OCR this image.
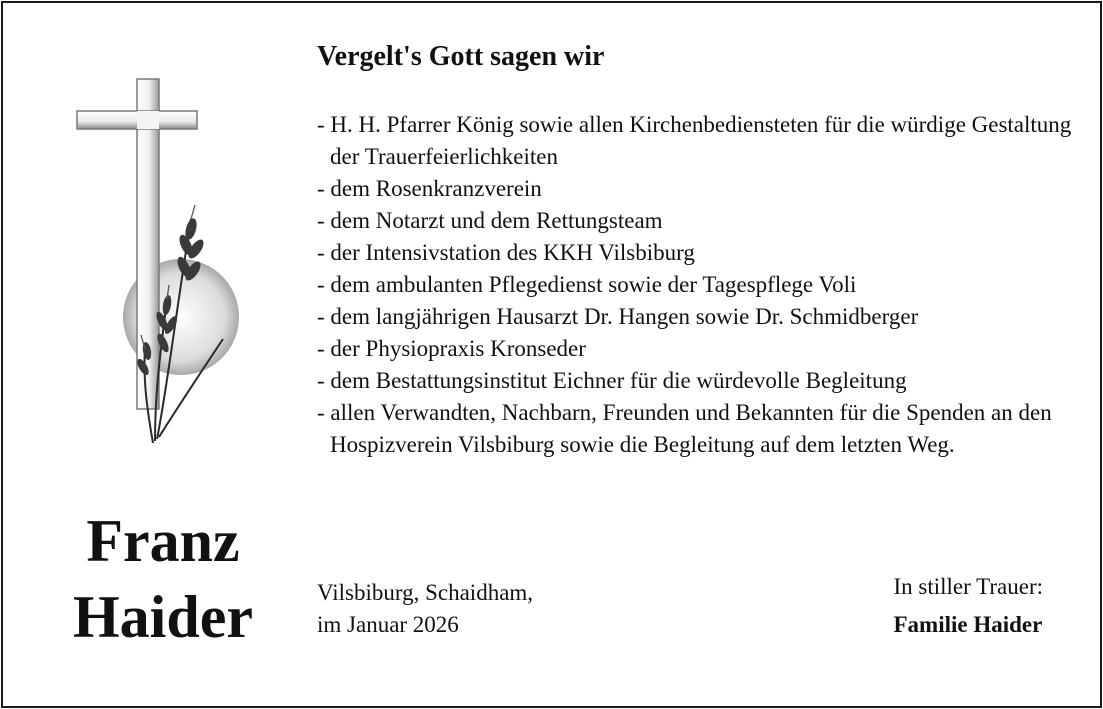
Franz
Haider
Vergelt's Gott sagen wir
- H. H. Pfarrer König sowie allen Kirchenbediensteten für die würdige Gestaltung der Trauerfeierlichkeiten
- dem Rosenkranzverein
- dem Notarzt und dem Rettungsteam
- der Intensivstation des KKH Vilsbiburg
- dem ambulanten Pflegedienst sowie der Tagespflege Voli
- dem langjährigen Hausarzt Dr. Hangen sowie Dr. Schmidberger
- der Physiopraxis Kronseder
- dem Bestattungsinstitut Eichner für die würdevolle Begleitung
- allen Verwandten, Nachbarn, Freunden und Bekannten für die Spenden an den Hospizverein Vilsbiburg sowie die Begleitung auf dem letzten Weg.
Vilsbiburg, Schaidham,
im Januar 2026
In stiller Trauer:
Familie Haider
